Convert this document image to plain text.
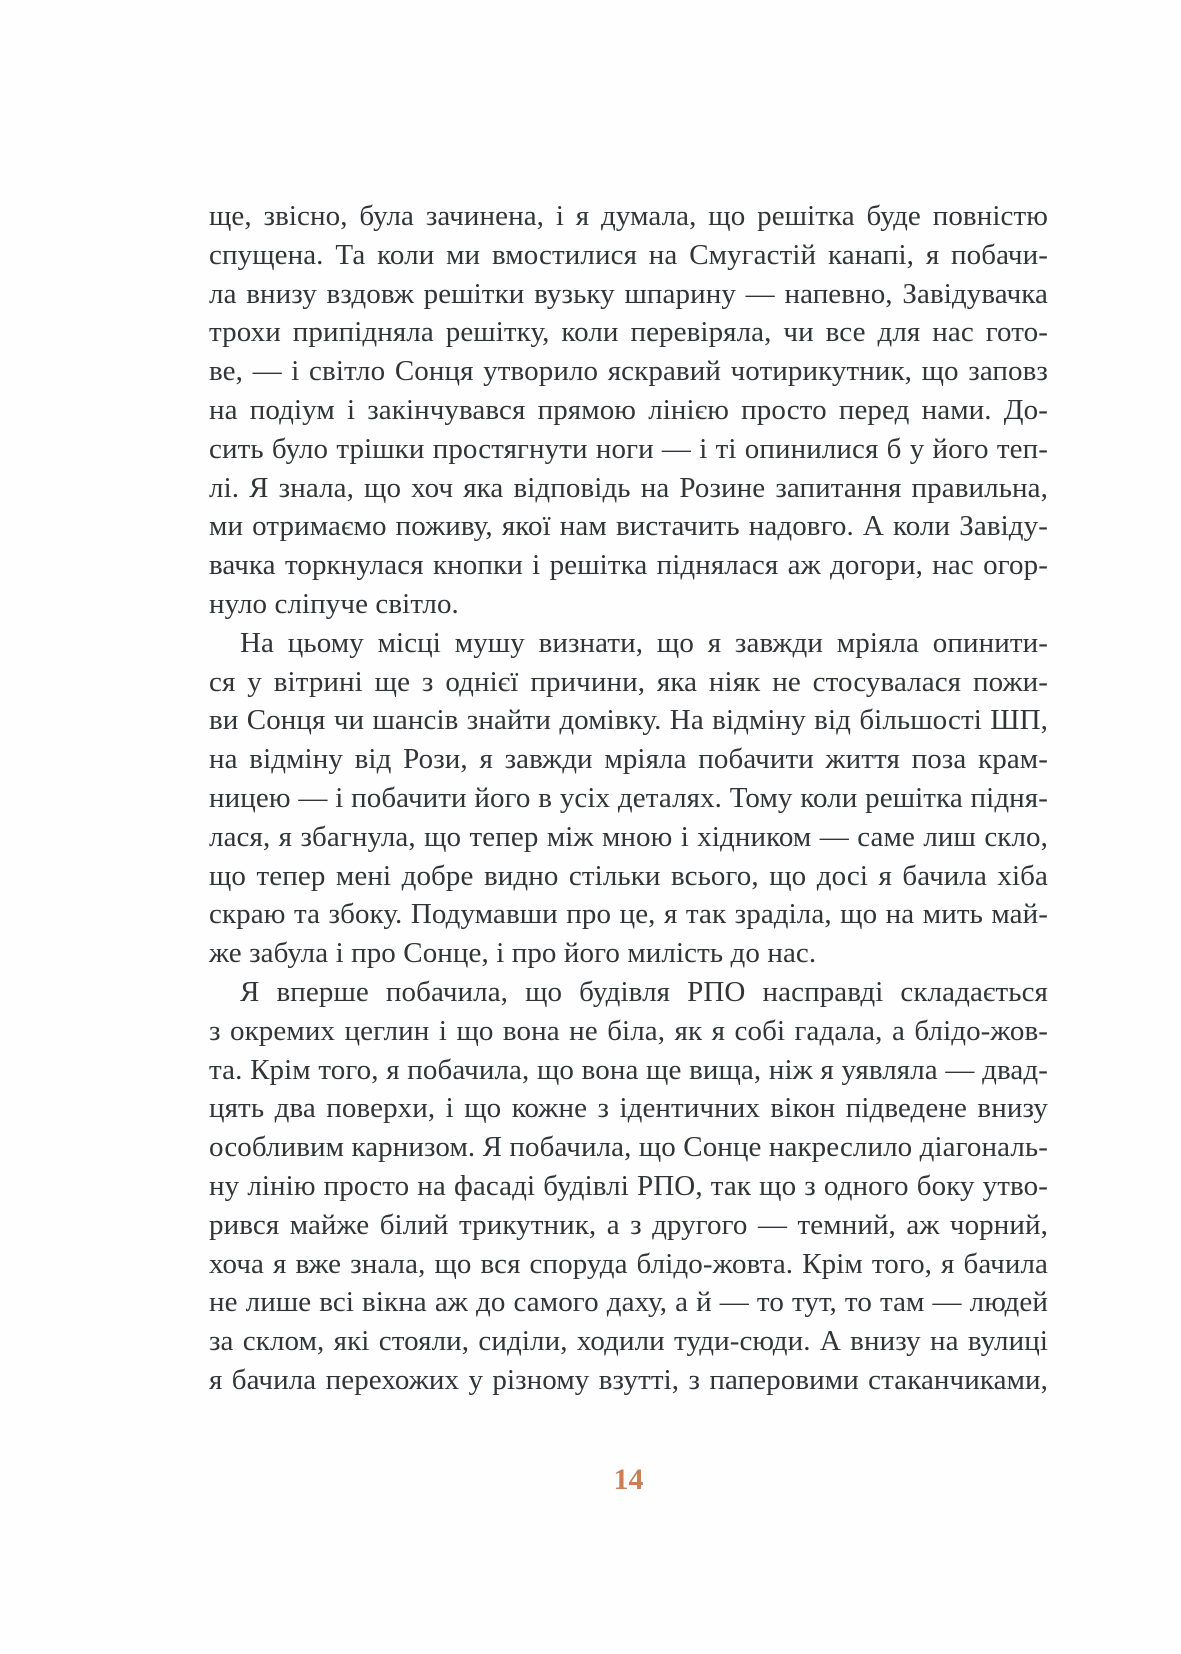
ще, звісно, була зачинена, і я думала, що решітка буде повністю
спущена. Та коли ми вмостилися на Смугастій канапі, я побачи-
ла внизу вздовж решітки вузьку шпарину — напевно, Завідувачка
трохи припідняла решітку, коли перевіряла, чи все для нас гото-
ве, — і світло Сонця утворило яскравий чотирикутник, що заповз
на подіум і закінчувався прямою лінією просто перед нами. До-
сить було трішки простягнути ноги — і ті опинилися б у його теп-
лі. Я знала, що хоч яка відповідь на Розине запитання правильна,
ми отримаємо поживу, якої нам вистачить надовго. А коли Завіду-
вачка торкнулася кнопки і решітка піднялася аж догори, нас огор-
нуло сліпуче світло.

На цьому місці мушу визнати, що я завжди мріяла опинити-
ся у вітрині ще з однієї причини, яка ніяк не стосувалася пожи-
ви Сонця чи шансів знайти домівку. На відміну від більшості ШП,
на відміну від Рози, я завжди мріяла побачити життя поза крам-
ницею — і побачити його в усіх деталях. Тому коли решітка підня-
лася, я збагнула, що тепер між мною і хідником — саме лиш скло,
що тепер мені добре видно стільки всього, що досі я бачила хіба
скраю та збоку. Подумавши про це, я так зраділа, що на мить май-
же забула і про Сонце, і про його милість до нас.

Я вперше побачила, що будівля РПО насправді складається
з окремих цеглин і що вона не біла, як я собі гадала, а блідо-жов-
та. Крім того, я побачила, що вона ще вища, ніж я уявляла — двад-
цять два поверхи, і що кожне з ідентичних вікон підведене внизу
особливим карнизом. Я побачила, що Сонце накреслило діагональ-
ну лінію просто на фасаді будівлі РПО, так що з одного боку утво-
рився майже білий трикутник, а з другого — темний, аж чорний,
хоча я вже знала, що вся споруда блідо-жовта. Крім того, я бачила
не лише всі вікна аж до самого даху, а й — то тут, то там — людей
за склом, які стояли, сиділи, ходили туди-сюди. А внизу на вулиці
я бачила перехожих у різному взутті, з паперовими стаканчиками,

14
